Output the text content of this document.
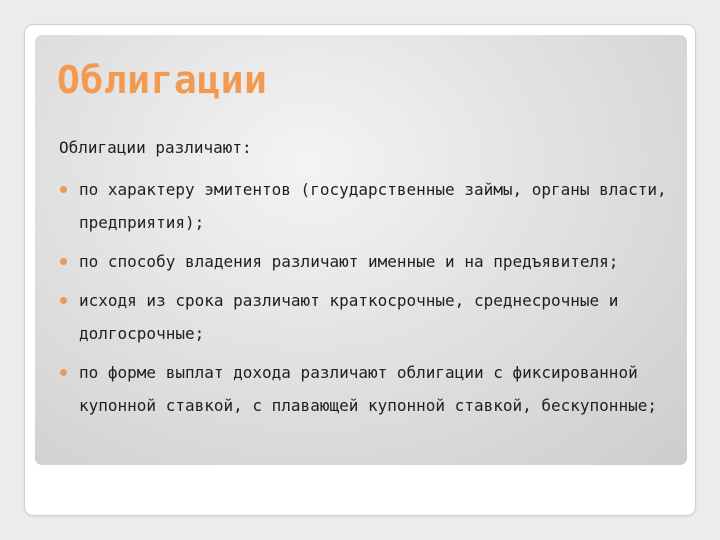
Облигации

Облигации различают:

по характеру эмитентов (государственные займы, органы власти, предприятия);
по способу владения различают именные и на предъявителя;
исходя из срока различают краткосрочные, среднесрочные и долгосрочные;
по форме выплат дохода различают облигации с фиксированной купонной ставкой, с плавающей купонной ставкой, бескупонные;
